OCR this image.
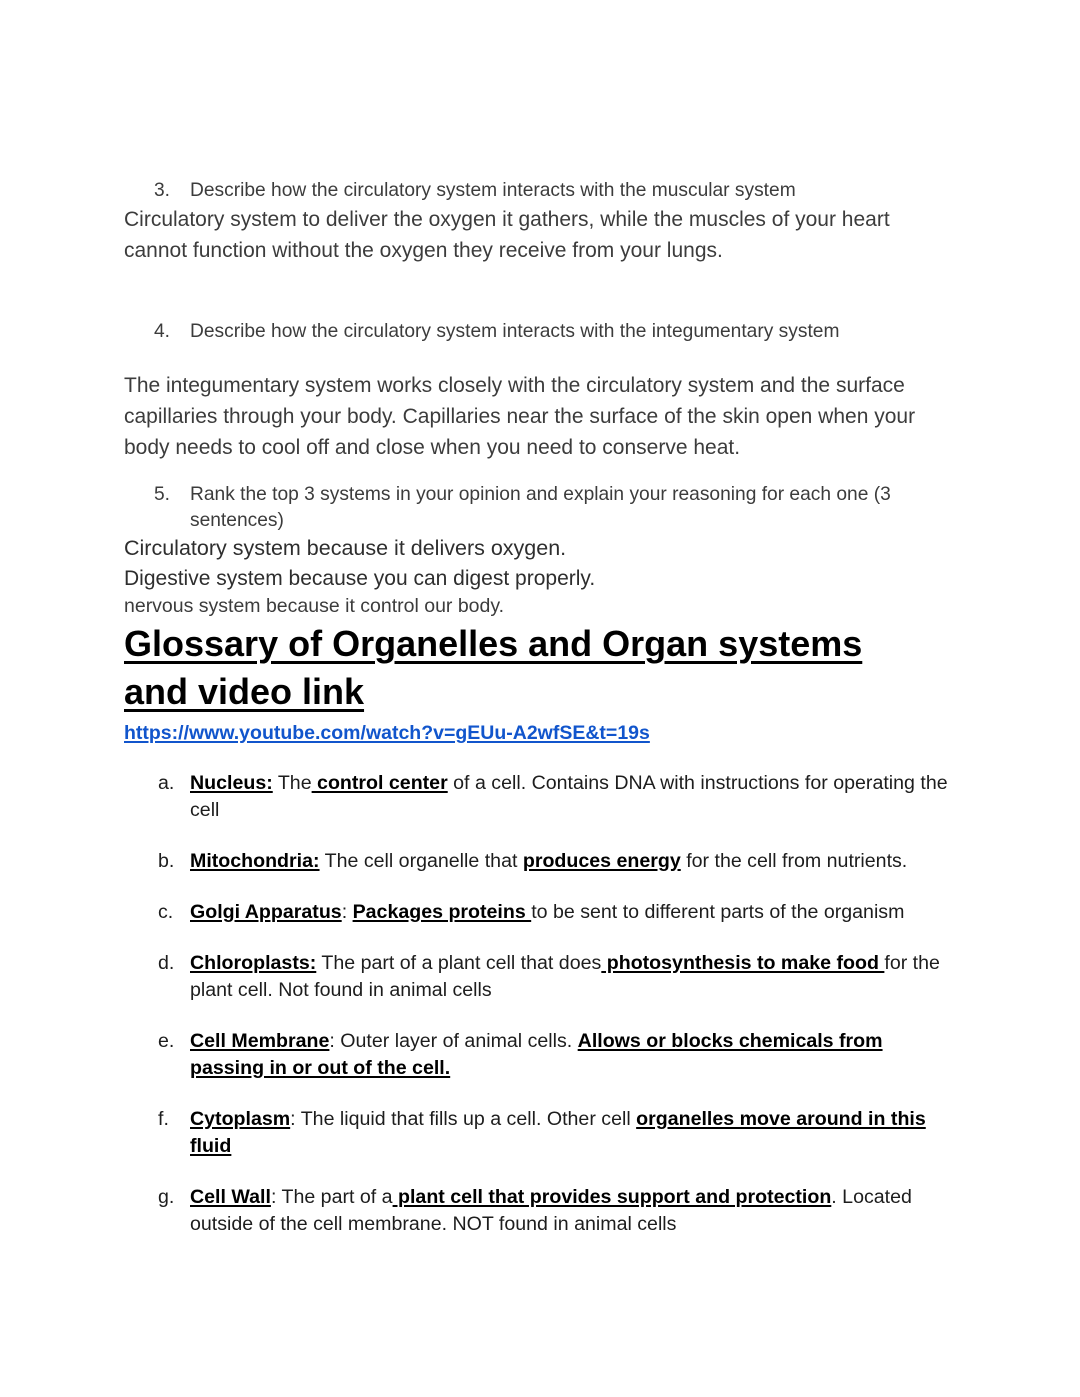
3.	Describe how the circulatory system interacts with the muscular system

Circulatory system to deliver the oxygen it gathers, while the muscles of your heart cannot function without the oxygen they receive from your lungs.

4.	Describe how the circulatory system interacts with the integumentary system

The integumentary system works closely with the circulatory system and the surface capillaries through your body. Capillaries near the surface of the skin open when your body needs to cool off and close when you need to conserve heat.

5.	Rank the top 3 systems in your opinion and explain your reasoning for each one (3 sentences)

Circulatory system because it delivers oxygen.

Digestive system because you can digest properly.

nervous system because it control our body.

Glossary of Organelles and Organ systems
and video link
https://www.youtube.com/watch?v=gEUu-A2wfSE&t=19s
a. Nucleus: The control center of a cell. Contains DNA with instructions for operating the cell
b. Mitochondria: The cell organelle that produces energy for the cell from nutrients.
c. Golgi Apparatus: Packages proteins to be sent to different parts of the organism
d. Chloroplasts: The part of a plant cell that does photosynthesis to make food for the plant cell. Not found in animal cells
e. Cell Membrane: Outer layer of animal cells. Allows or blocks chemicals from passing in or out of the cell.
f. Cytoplasm: The liquid that fills up a cell. Other cell organelles move around in this fluid
g. Cell Wall: The part of a plant cell that provides support and protection. Located outside of the cell membrane. NOT found in animal cells
